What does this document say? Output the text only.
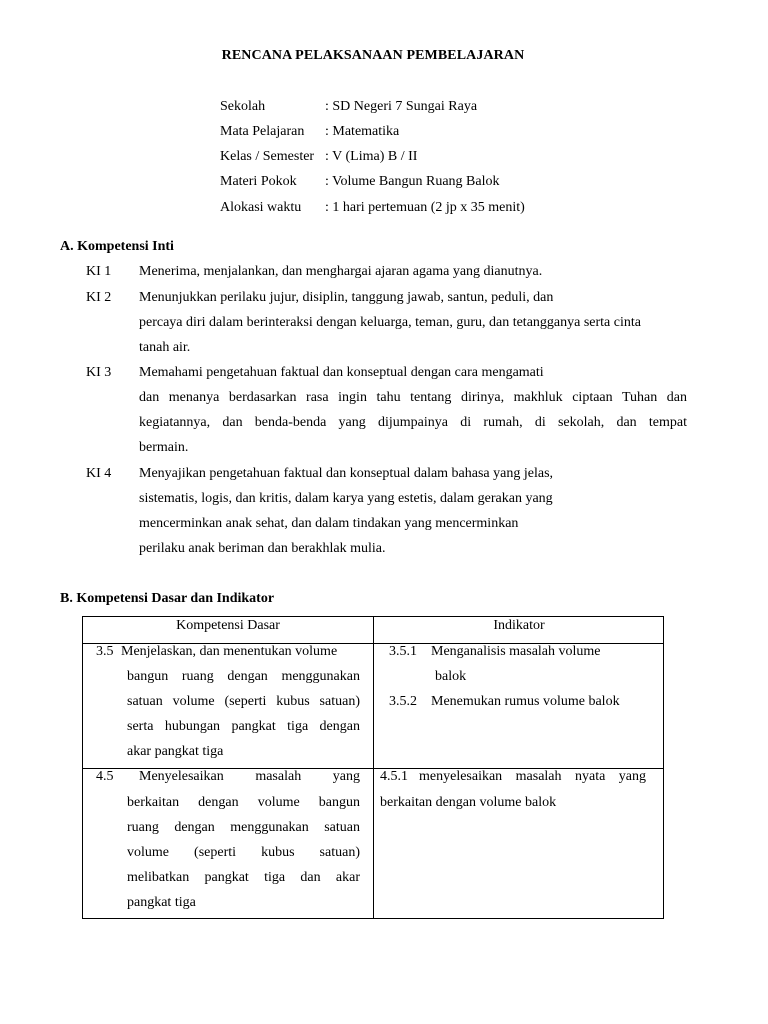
RENCANA PELAKSANAAN PEMBELAJARAN
Sekolah	: SD Negeri 7 Sungai Raya
Mata Pelajaran : Matematika
Kelas / Semester : V (Lima) B / II
Materi Pokok : Volume Bangun Ruang Balok
Alokasi waktu : 1 hari pertemuan (2 jp x 35 menit)
A. Kompetensi Inti
KI 1 Menerima, menjalankan, dan menghargai ajaran agama yang dianutnya.
KI 2 Menunjukkan perilaku jujur, disiplin, tanggung jawab, santun, peduli, dan
percaya diri dalam berinteraksi dengan keluarga, teman, guru, dan tetangganya serta cinta
tanah air.
KI 3 Memahami pengetahuan faktual dan konseptual dengan cara mengamati
dan menanya berdasarkan rasa ingin tahu tentang dirinya, makhluk ciptaan Tuhan dan
kegiatannya, dan benda-benda yang dijumpainya di rumah, di sekolah, dan tempat
bermain.
KI 4 Menyajikan pengetahuan faktual dan konseptual dalam bahasa yang jelas,
sistematis, logis, dan kritis, dalam karya yang estetis, dalam gerakan yang
mencerminkan anak sehat, dan dalam tindakan yang mencerminkan
perilaku anak beriman dan berakhlak mulia.
B. Kompetensi Dasar dan Indikator
Kompetensi Dasar	Indikator
3.5 Menjelaskan, dan menentukan volume
bangun ruang dengan menggunakan
satuan volume (seperti kubus satuan)
serta hubungan pangkat tiga dengan
akar pangkat tiga
3.5.1 Menganalisis masalah volume
balok
3.5.2 Menemukan rumus volume balok
4.5 Menyelesaikan masalah yang
berkaitan dengan volume bangun
ruang dengan menggunakan satuan
volume (seperti kubus satuan)
melibatkan pangkat tiga dan akar
pangkat tiga
4.5.1 menyelesaikan masalah nyata yang
berkaitan dengan volume balok
